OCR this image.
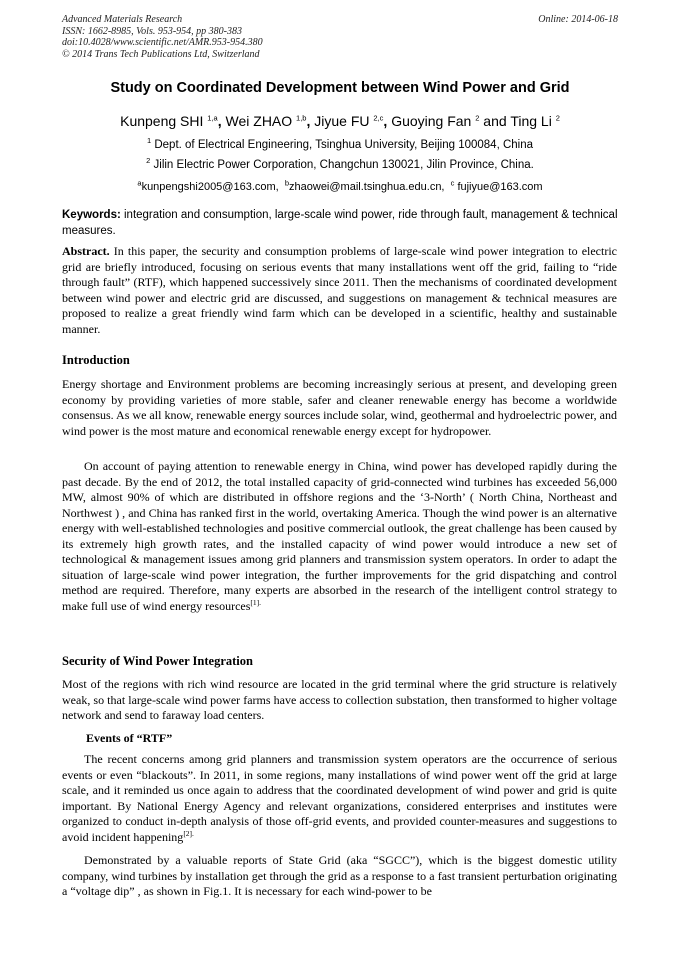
Advanced Materials Research
ISSN: 1662-8985, Vols. 953-954, pp 380-383
doi:10.4028/www.scientific.net/AMR.953-954.380
© 2014 Trans Tech Publications Ltd, Switzerland
Online: 2014-06-18
Study on Coordinated Development between Wind Power and Grid
Kunpeng SHI $^{1,a}$, Wei ZHAO $^{1,b}$, Jiyue FU $^{2,c}$, Guoying Fan $^2$ and Ting Li $^2$
$^1$ Dept. of Electrical Engineering, Tsinghua University, Beijing 100084, China
$^2$ Jilin Electric Power Corporation, Changchun 130021, Jilin Province, China.
$^a$kunpengshi2005@163.com, $^b$zhaowei@mail.tsinghua.edu.cn, $^c$ fujiyue@163.com
Keywords: integration and consumption, large-scale wind power, ride through fault, management & technical measures.
Abstract. In this paper, the security and consumption problems of large-scale wind power integration to electric grid are briefly introduced, focusing on serious events that many installations went off the grid, failing to “ride through fault” (RTF), which happened successively since 2011. Then the mechanisms of coordinated development between wind power and electric grid are discussed, and suggestions on management & technical measures are proposed to realize a great friendly wind farm which can be developed in a scientific, healthy and sustainable manner.
Introduction
Energy shortage and Environment problems are becoming increasingly serious at present, and developing green economy by providing varieties of more stable, safer and cleaner renewable energy has become a worldwide consensus. As we all know, renewable energy sources include solar, wind, geothermal and hydroelectric power, and wind power is the most mature and economical renewable energy except for hydropower.
On account of paying attention to renewable energy in China, wind power has developed rapidly during the past decade. By the end of 2012, the total installed capacity of grid-connected wind turbines has exceeded 56,000 MW, almost 90% of which are distributed in offshore regions and the ‘3-North’ ( North China, Northeast and Northwest ) , and China has ranked first in the world, overtaking America. Though the wind power is an alternative energy with well-established technologies and positive commercial outlook, the great challenge has been caused by its extremely high growth rates, and the installed capacity of wind power would introduce a new set of technological & management issues among grid planners and transmission system operators. In order to adapt the situation of large-scale wind power integration, the further improvements for the grid dispatching and control method are required. Therefore, many experts are absorbed in the research of the intelligent control strategy to make full use of wind energy resources$^{[1].}$
Security of Wind Power Integration
Most of the regions with rich wind resource are located in the grid terminal where the grid structure is relatively weak, so that large-scale wind power farms have access to collection substation, then transformed to higher voltage network and send to faraway load centers.
Events of “RTF”
The recent concerns among grid planners and transmission system operators are the occurrence of serious events or even “blackouts”. In 2011, in some regions, many installations of wind power went off the grid at large scale, and it reminded us once again to address that the coordinated development of wind power and grid is quite important. By National Energy Agency and relevant organizations, considered enterprises and institutes were organized to conduct in-depth analysis of those off-grid events, and provided counter-measures and suggestions to avoid incident happening$^{[2].}$
Demonstrated by a valuable reports of State Grid (aka “SGCC”), which is the biggest domestic utility company, wind turbines by installation get through the grid as a response to a fast transient perturbation originating a “voltage dip” , as shown in Fig.1. It is necessary for each wind-power to be
